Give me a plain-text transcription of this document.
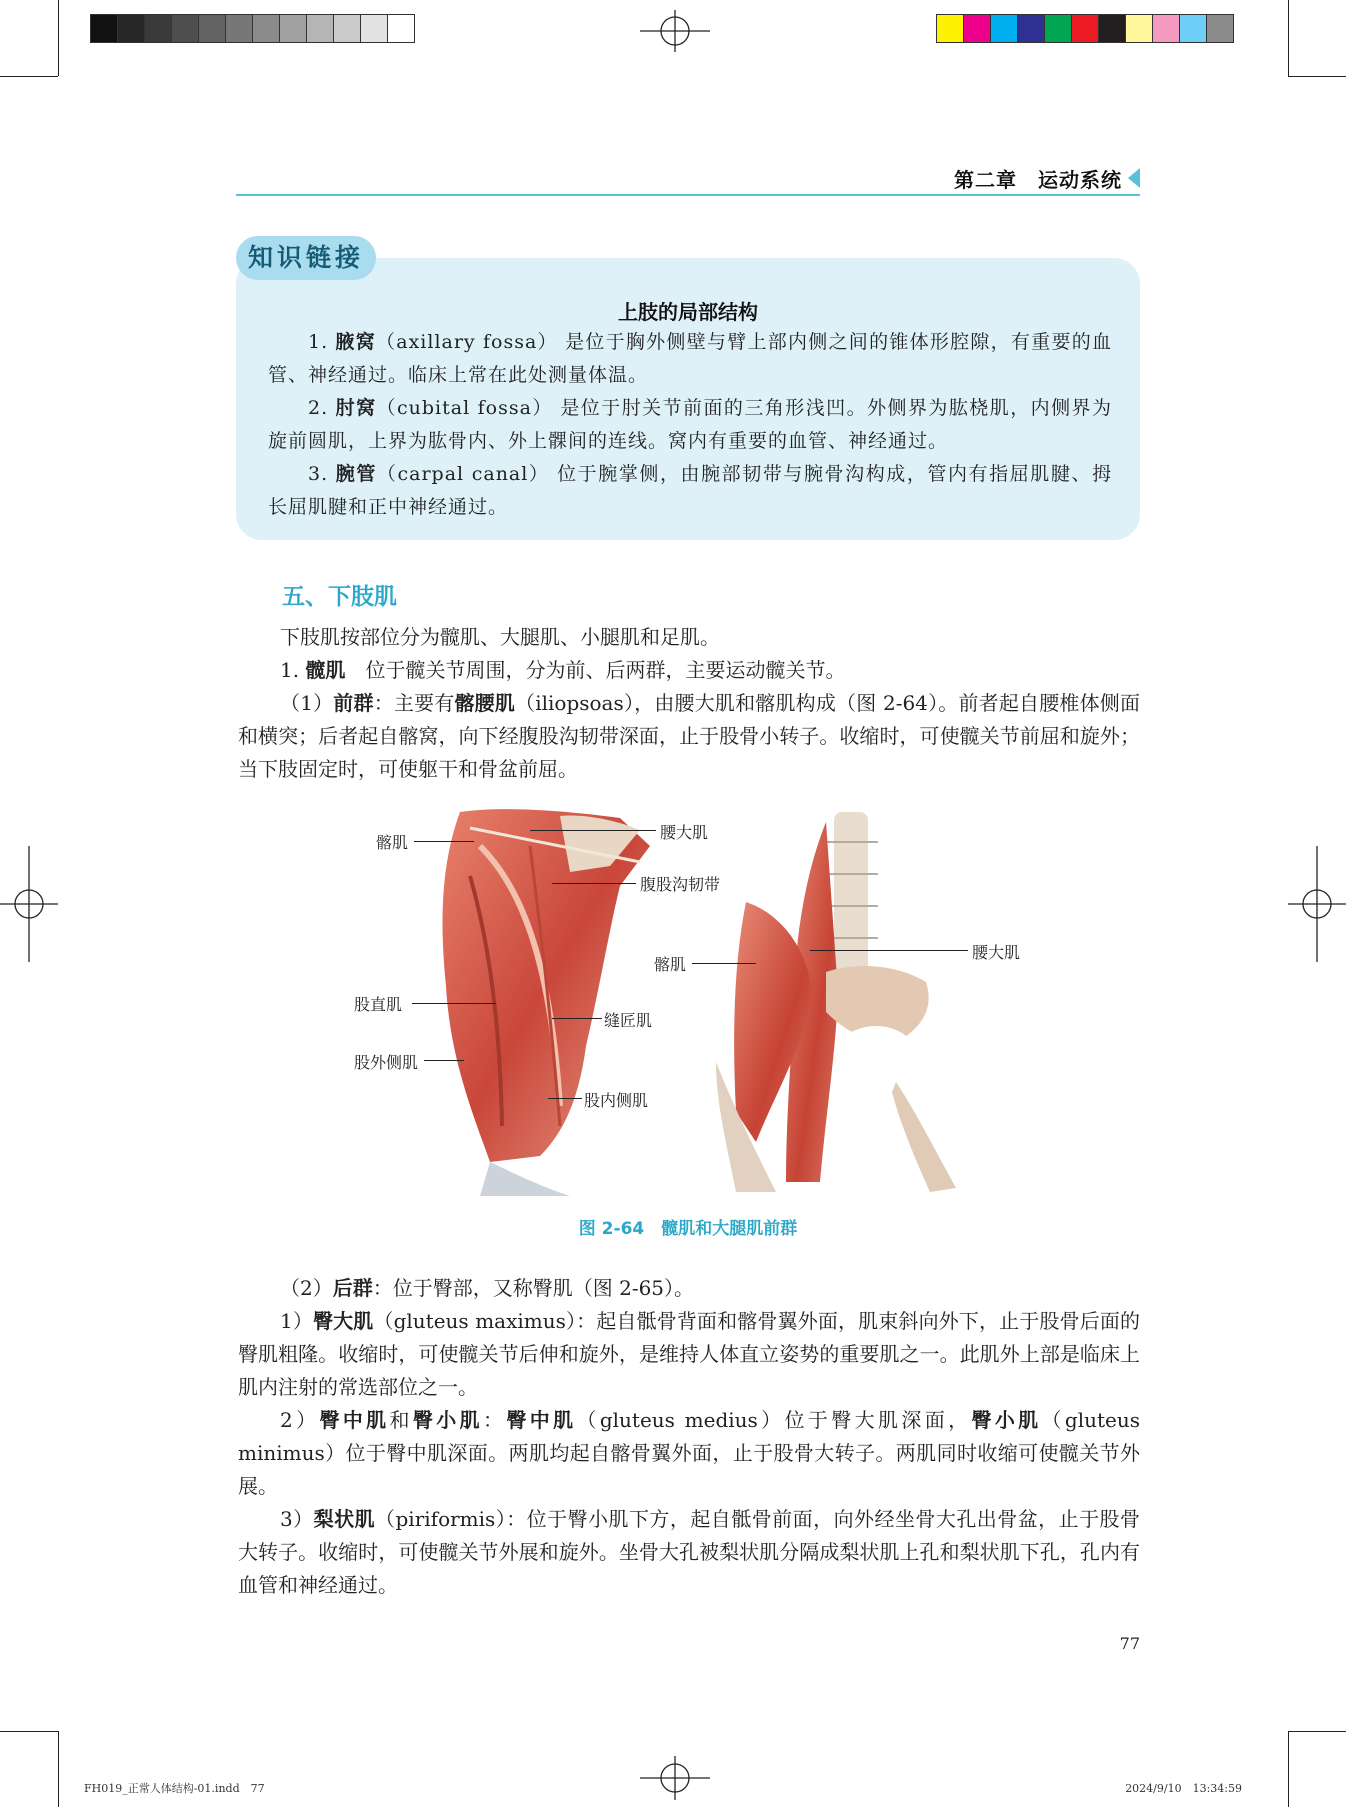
第二章　运动系统
知识链接
上肢的局部结构
1. 腋窝（axillary fossa） 是位于胸外侧壁与臂上部内侧之间的锥体形腔隙，有重要的血管、神经通过。临床上常在此处测量体温。
2. 肘窝（cubital fossa） 是位于肘关节前面的三角形浅凹。外侧界为肱桡肌，内侧界为旋前圆肌，上界为肱骨内、外上髁间的连线。窝内有重要的血管、神经通过。
3. 腕管（carpal canal） 位于腕掌侧，由腕部韧带与腕骨沟构成，管内有指屈肌腱、拇长屈肌腱和正中神经通过。
五、下肢肌
下肢肌按部位分为髋肌、大腿肌、小腿肌和足肌。
1. 髋肌　位于髋关节周围，分为前、后两群，主要运动髋关节。
（1）前群：主要有髂腰肌（iliopsoas），由腰大肌和髂肌构成（图 2-64）。前者起自腰椎体侧面和横突；后者起自髂窝，向下经腹股沟韧带深面，止于股骨小转子。收缩时，可使髋关节前屈和旋外；当下肢固定时，可使躯干和骨盆前屈。
髂肌
腰大肌
腹股沟韧带
股直肌
缝匠肌
股外侧肌
股内侧肌
髂肌
腰大肌
图 2-64　髋肌和大腿肌前群
（2）后群：位于臀部，又称臀肌（图 2-65）。
1）臀大肌（gluteus maximus）：起自骶骨背面和髂骨翼外面，肌束斜向外下，止于股骨后面的臀肌粗隆。收缩时，可使髋关节后伸和旋外，是维持人体直立姿势的重要肌之一。此肌外上部是临床上肌内注射的常选部位之一。
2）臀中肌和臀小肌：臀中肌（gluteus medius）位于臀大肌深面，臀小肌（gluteus minimus）位于臀中肌深面。两肌均起自髂骨翼外面，止于股骨大转子。两肌同时收缩可使髋关节外展。
3）梨状肌（piriformis）：位于臀小肌下方，起自骶骨前面，向外经坐骨大孔出骨盆，止于股骨大转子。收缩时，可使髋关节外展和旋外。坐骨大孔被梨状肌分隔成梨状肌上孔和梨状肌下孔，孔内有血管和神经通过。
77
FH019_正常人体结构-01.indd　77	2024/9/10　13:34:59
